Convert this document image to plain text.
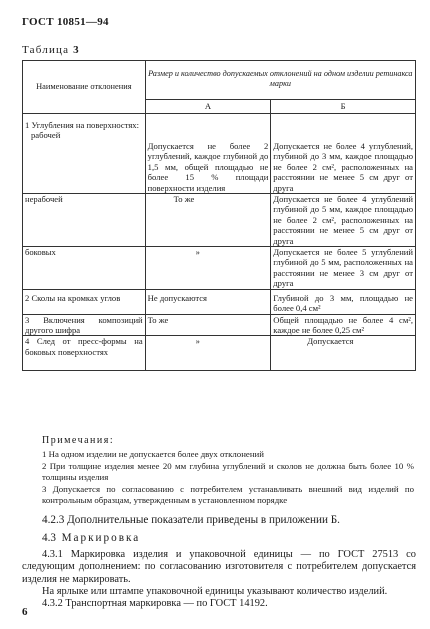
ГОСТ 10851—94
Таблица 3
Наименование отклонения	Размер и количество допускаемых отклонений на одном изделии ретинакса марки	
	А	Б

1 Углубления на поверхностях:
рабочей	Допускается не более 2 углублений, каждое глубиной до 1,5 мм, общей площадью не более 15 % площади поверхности изделия	Допускается не более 4 углублений, глубиной до 3 мм, каждое площадью не более 2 см², расположенных на расстоянии не менее 5 см друг от друга
нерабочей	То же	Допускается не более 4 углублений глубиной до 5 мм, каждое площадью не более 2 см², расположенных на расстоянии не менее 5 см друг от друга
боковых	»	Допускается не более 5 углублений глубиной до 5 мм, расположенных на расстоянии не менее 3 см друг от друга
2 Сколы на кромках углов	Не допускаются	Глубиной до 3 мм, площадью не более 0,4 см²
3 Включения композиций другого шифра	То же	Общей площадью не более 4 см², каждое не более 0,25 см²
4 След от пресс-формы на боковых поверхностях	»	Допускается
Примечания:
1 На одном изделии не допускается более двух отклонений
2 При толщине изделия менее 20 мм глубина углублений и сколов не должна быть более 10 % толщины изделия
3 Допускается по согласованию с потребителем устанавливать внешний вид изделий по контрольным образцам, утвержденным в установленном порядке
4.2.3 Дополнительные показатели приведены в приложении Б.
4.3 Маркировка
4.3.1 Маркировка изделия и упаковочной единицы — по ГОСТ 27513 со следующим дополнением: по согласованию изготовителя с потребителем допускается изделия не маркировать.
На ярлыке или штампе упаковочной единицы указывают количество изделий.
4.3.2 Транспортная маркировка — по ГОСТ 14192.
6
